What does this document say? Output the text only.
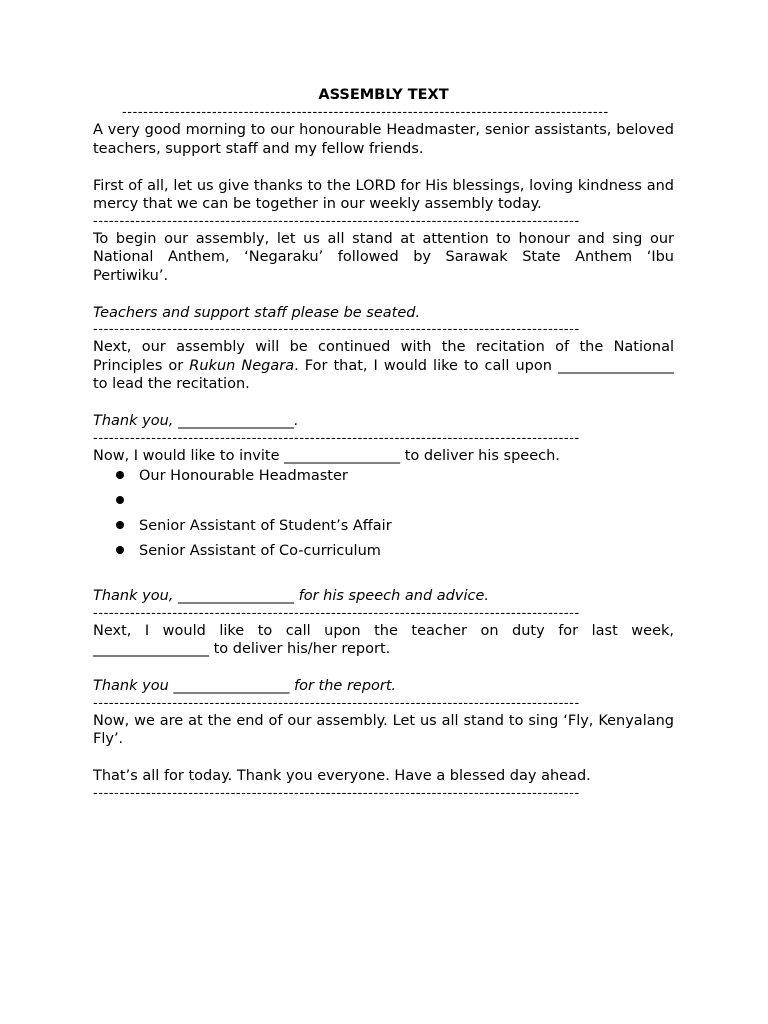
ASSEMBLY TEXT
--------------------------------------------------------------------------------------------

A very good morning to our honourable Headmaster, senior assistants, beloved teachers, support staff and my fellow friends.

First of all, let us give thanks to the LORD for His blessings, loving kindness and mercy that we can be together in our weekly assembly today.

--------------------------------------------------------------------------------------------

To begin our assembly, let us all stand at attention to honour and sing our National Anthem, ‘Negaraku’ followed by Sarawak State Anthem ‘Ibu Pertiwiku’.

Teachers and support staff please be seated.

--------------------------------------------------------------------------------------------

Next, our assembly will be continued with the recitation of the National Principles or Rukun Negara. For that, I would like to call upon ________________ to lead the recitation.

Thank you, ________________.

--------------------------------------------------------------------------------------------

Now, I would like to invite ________________ to deliver his speech.

Our Honourable Headmaster
Senior Assistant of Student’s Affair
Senior Assistant of Co-curriculum

Thank you, ________________ for his speech and advice.

--------------------------------------------------------------------------------------------

Next, I would like to call upon the teacher on duty for last week, ________________ to deliver his/her report.

Thank you ________________ for the report.

--------------------------------------------------------------------------------------------

Now, we are at the end of our assembly. Let us all stand to sing ‘Fly, Kenyalang Fly’.

That’s all for today. Thank you everyone. Have a blessed day ahead.

--------------------------------------------------------------------------------------------
